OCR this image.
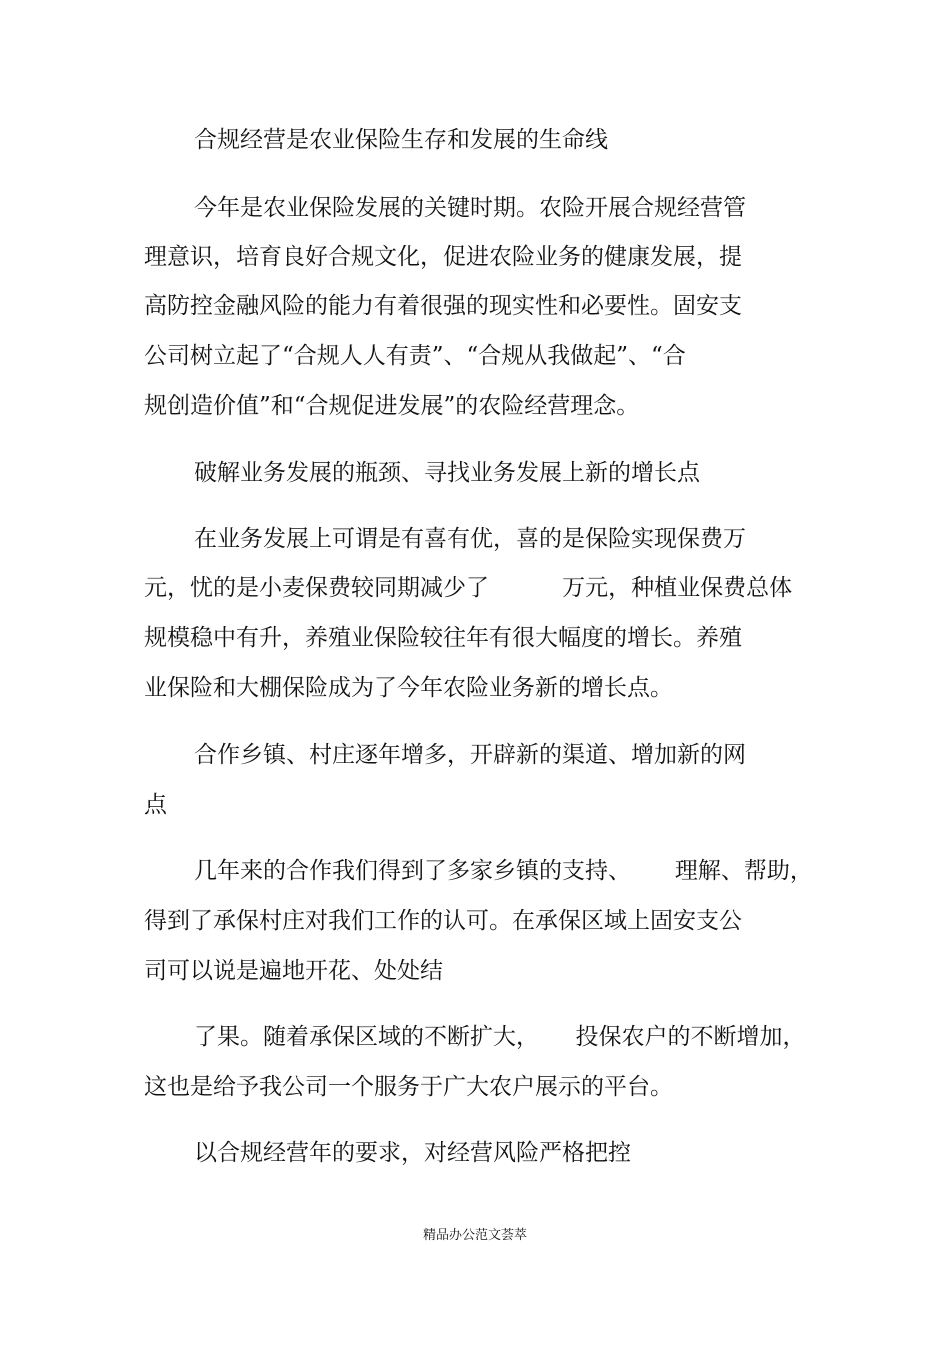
合规经营是农业保险生存和发展的生命线

今年是农业保险发展的关键时期。农险开展合规经营管

理意识，培育良好合规文化，促进农险业务的健康发展，提

高防控金融风险的能力有着很强的现实性和必要性。固安支

公司树立起了“合规人人有责”、“合规从我做起”、“合

规创造价值”和“合规促进发展”的农险经营理念。

破解业务发展的瓶颈、寻找业务发展上新的增长点

在业务发展上可谓是有喜有优，喜的是保险实现保费万

元，忧的是小麦保费较同期减少了          万元，种植业保费总体

规模稳中有升，养殖业保险较往年有很大幅度的增长。养殖

业保险和大棚保险成为了今年农险业务新的增长点。

合作乡镇、村庄逐年增多，开辟新的渠道、增加新的网

点

几年来的合作我们得到了多家乡镇的支持、      理解、帮助，

得到了承保村庄对我们工作的认可。在承保区域上固安支公

司可以说是遍地开花、处处结

了果。随着承保区域的不断扩大，     投保农户的不断增加，

这也是给予我公司一个服务于广大农户展示的平台。

以合规经营年的要求，对经营风险严格把控

精品办公范文荟萃
